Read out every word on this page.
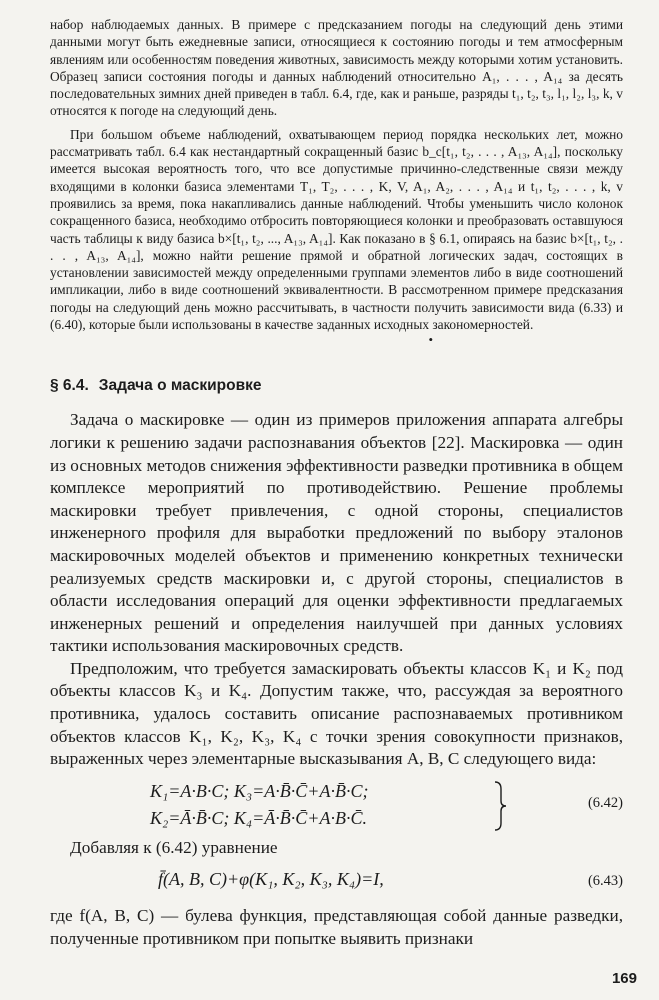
набор наблюдаемых данных. В примере с предсказанием погоды на следующий день этими данными могут быть ежедневные записи, относящиеся к состоянию погоды и тем атмосферным явлениям или особенностям поведения животных, зависимость между которыми хотим установить. Образец записи состояния погоды и данных наблюдений относительно A₁, . . . , A₁₄ за десять последовательных зимних дней приведен в табл. 6.4, где, как и раньше, разряды t₁, t₂, t₃, l₁, l₂, l₃, k, v относятся к погоде на следующий день.

При большом объеме наблюдений, охватывающем период порядка нескольких лет, можно рассматривать табл. 6.4 как нестандартный сокращенный базис b_c[t₁, t₂, . . . , A₁₃, A₁₄], поскольку имеется высокая вероятность того, что все допустимые причинно-следственные связи между входящими в колонки базиса элементами T₁, T₂, . . . , K, V, A₁, A₂, . . . , A₁₄ и t₁, t₂, . . . , k, v проявились за время, пока накапливались данные наблюдений. Чтобы уменьшить число колонок сокращенного базиса, необходимо отбросить повторяющиеся колонки и преобразовать оставшуюся часть таблицы к виду базиса b×[t₁, t₂, ..., A₁₃, A₁₄]. Как показано в § 6.1, опираясь на базис b×[t₁, t₂, . . . , A₁₃, A₁₄], можно найти решение прямой и обратной логических задач, состоящих в установлении зависимостей между определенными группами элементов либо в виде соотношений импликации, либо в виде соотношений эквивалентности. В рассмотренном примере предсказания погоды на следующий день можно рассчитывать, в частности получить зависимости вида (6.33) и (6.40), которые были использованы в качестве заданных исходных закономерностей.

•
§ 6.4. Задача о маскировке

Задача о маскировке — один из примеров приложения аппарата алгебры логики к решению задачи распознавания объектов [22]. Маскировка — один из основных методов снижения эффективности разведки противника в общем комплексе мероприятий по противодействию. Решение проблемы маскировки требует привлечения, с одной стороны, специалистов инженерного профиля для выработки предложений по выбору эталонов маскировочных моделей объектов и применению конкретных технически реализуемых средств маскировки и, с другой стороны, специалистов в области исследования операций для оценки эффективности предлагаемых инженерных решений и определения наилучшей при данных условиях тактики использования маскировочных средств.

Предположим, что требуется замаскировать объекты классов K₁ и K₂ под объекты классов K₃ и K₄. Допустим также, что, рассуждая за вероятного противника, удалось составить описание распознаваемых противником объектов классов K₁, K₂, K₃, K₄ с точки зрения совокупности признаков, выраженных через элементарные высказывания A, B, C следующего вида:

K₁=A·B·C; K₃=A·B̄·C̄+A·B̄·C;
K₂=Ā·B̄·C; K₄=Ā·B̄·C̄+A·B·C̄.
(6.42)

Добавляя к (6.42) уравнение

f̄(A, B, C)+φ(K₁, K₂, K₃, K₄)=I,	(6.43)

где f(A, B, C) — булева функция, представляющая собой данные разведки, полученные противником при попытке выявить признаки

169
